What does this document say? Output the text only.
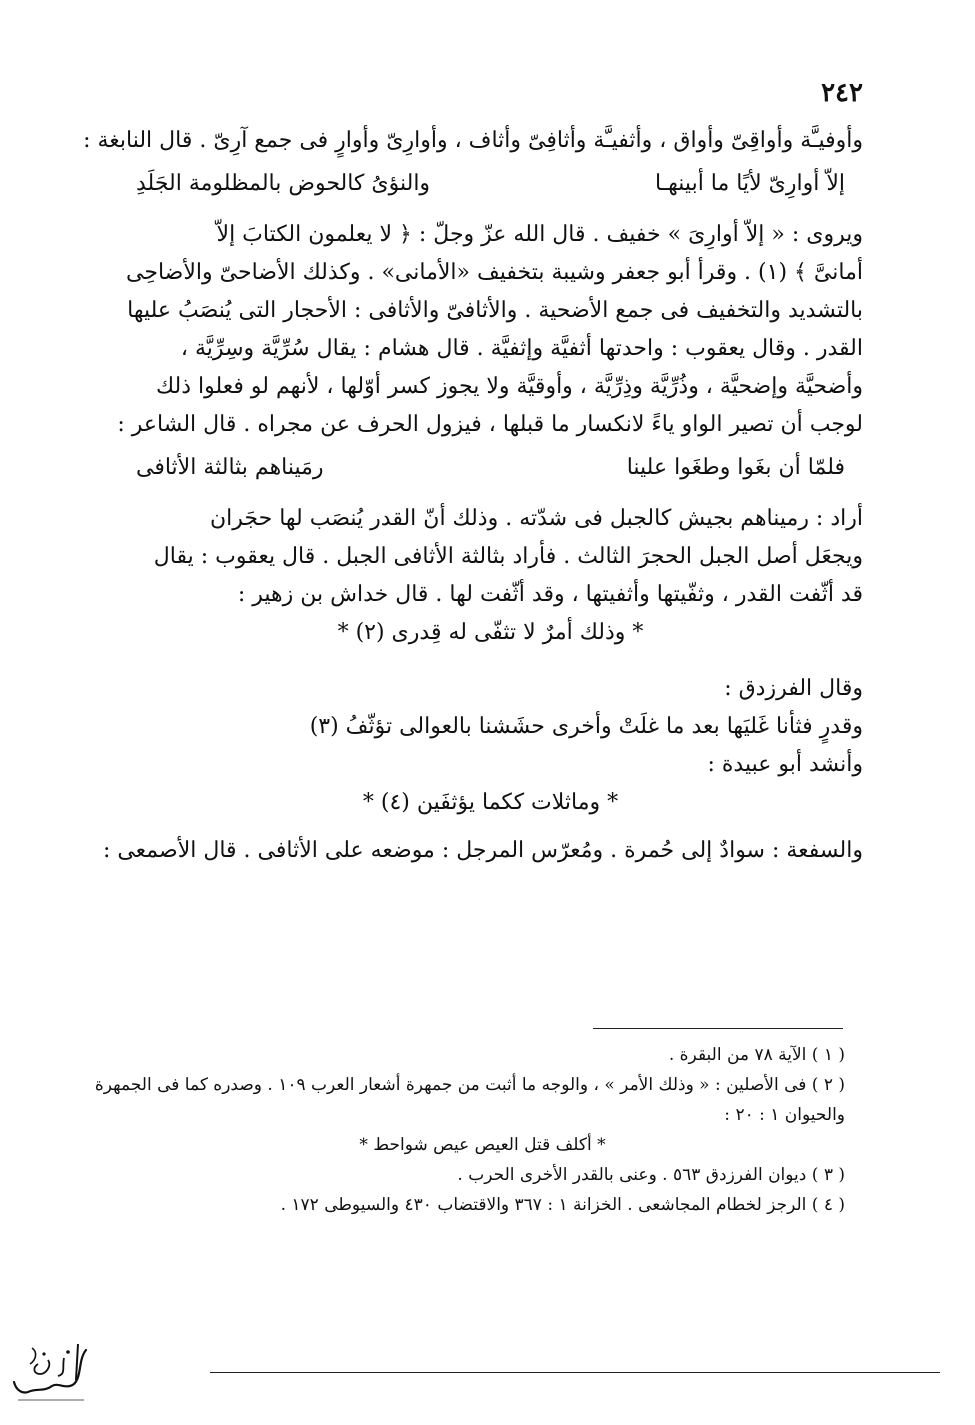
٢٤٢
وأوفيـَّة وأواقِىّ وأواق ، وأثفيـَّة وأثافِىّ وأثاف ، وأوارِىّ وأوارٍ فى جمع آرِىّ . قال النابغة :
إلاّ أوارِىّ لأيًا ما أبينهـا
والنؤىُ كالحوض بالمظلومة الجَلَدِ
ويروى : « إلاّ أوارِىَ » خفيف . قال الله عزّ وجلّ : ﴿ لا يعلمون الكتابَ إلاّ
أمانىَّ ﴾ (١) . وقرأ أبو جعفر وشيبة بتخفيف «الأمانى» . وكذلك الأضاحىّ والأضاحِى
بالتشديد والتخفيف فى جمع الأضحية . والأثافىّ والأثافى : الأحجار التى يُنصَبُ عليها
القدر . وقال يعقوب : واحدتها أثفيَّة وإثفيَّة . قال هشام : يقال سُرِّيَّة وسِرِّيَّة ،
وأضحيَّة وإضحيَّة ، وذُرِّيَّة وذِرِّيَّة ، وأوقيَّة ولا يجوز كسر أوّلها ، لأنهم لو فعلوا ذلك
لوجب أن تصير الواو ياءً لانكسار ما قبلها ، فيزول الحرف عن مجراه . قال الشاعر :
فلمّا أن بغَوا وطغَوا علينا
رمَيناهم بثالثة الأثافى
أراد : رميناهم بجيش كالجبل فى شدّته . وذلك أنّ القدر يُنصَب لها حجَران
ويجعَل أصل الجبل الحجرَ الثالث . فأراد بثالثة الأثافى الجبل . قال يعقوب : يقال
قد أثّفت القدر ، وثفّيتها وأثفيتها ، وقد أثّفت لها . قال خداش بن زهير :
* وذلك أمرٌ لا تثفّى له قِدرى (٢) *
وقال الفرزدق :
وقدرٍ فثأنا غَليَها بعد ما غلَتْ وأخرى حشَشنا بالعوالى تؤثّفُ (٣)
وأنشد أبو عبيدة :
* وماثلات ككما يؤثفَين (٤) *
والسفعة : سوادٌ إلى حُمرة . ومُعرّس المرجل : موضعه على الأثافى . قال الأصمعى :
( ١ ) الآية ٧٨ من البقرة .
( ٢ ) فى الأصلين : « وذلك الأمر » ، والوجه ما أثبت من جمهرة أشعار العرب ١٠٩ . وصدره كما فى الجمهرة
والحيوان ١ : ٢٠ :
* أكلف قتل العيص عيص شواحط *
( ٣ ) ديوان الفرزدق ٥٦٣ . وعنى بالقدر الأخرى الحرب .
( ٤ ) الرجز لخطام المجاشعى . الخزانة ١ : ٣٦٧ والاقتضاب ٤٣٠ والسيوطى ١٧٢ .
